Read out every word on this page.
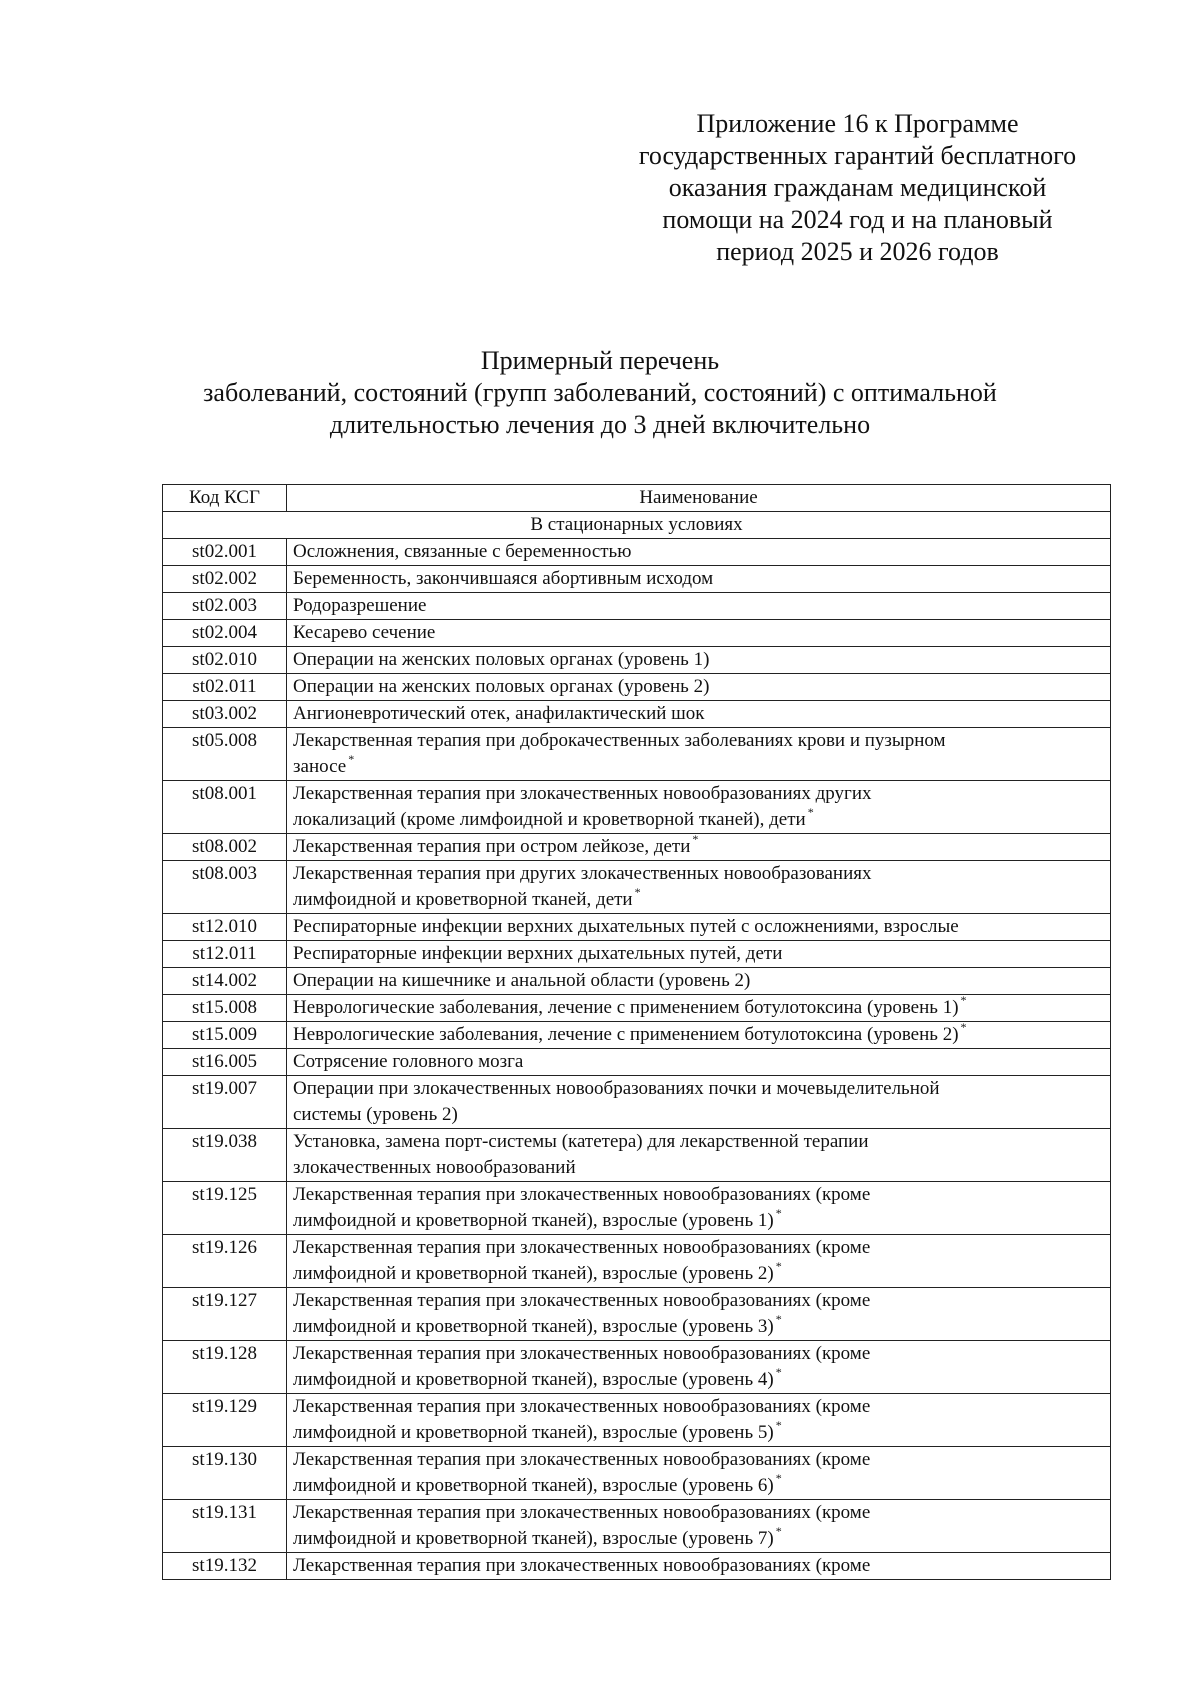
Приложение 16 к Программе
государственных гарантий бесплатного
оказания гражданам медицинской
помощи на 2024 год и на плановый
период 2025 и 2026 годов
Примерный перечень
заболеваний, состояний (групп заболеваний, состояний) с оптимальной
длительностью лечения до 3 дней включительно
Код КСГ	Наименование
В стационарных условиях	
st02.001	Осложнения, связанные с беременностью

st02.002	Беременность, закончившаяся абортивным исходом

st02.003	Родоразрешение

st02.004	Кесарево сечение

st02.010	Операции на женских половых органах (уровень 1)

st02.011	Операции на женских половых органах (уровень 2)

st03.002	Ангионевротический отек, анафилактический шок

st05.008	Лекарственная терапия при доброкачественных заболеваниях крови и пузырном
заносе *

st08.001	Лекарственная терапия при злокачественных новообразованиях других
локализаций (кроме лимфоидной и кроветворной тканей), дети *

st08.002	Лекарственная терапия при остром лейкозе, дети *

st08.003	Лекарственная терапия при других злокачественных новообразованиях
лимфоидной и кроветворной тканей, дети *

st12.010	Респираторные инфекции верхних дыхательных путей с осложнениями, взрослые

st12.011	Респираторные инфекции верхних дыхательных путей, дети

st14.002	Операции на кишечнике и анальной области (уровень 2)

st15.008	Неврологические заболевания, лечение с применением ботулотоксина (уровень 1) *

st15.009	Неврологические заболевания, лечение с применением ботулотоксина (уровень 2) *

st16.005	Сотрясение головного мозга

st19.007	Операции при злокачественных новообразованиях почки и мочевыделительной
системы (уровень 2)

st19.038	Установка, замена порт-системы (катетера) для лекарственной терапии
злокачественных новообразований

st19.125	Лекарственная терапия при злокачественных новообразованиях (кроме
лимфоидной и кроветворной тканей), взрослые (уровень 1) *

st19.126	Лекарственная терапия при злокачественных новообразованиях (кроме
лимфоидной и кроветворной тканей), взрослые (уровень 2) *

st19.127	Лекарственная терапия при злокачественных новообразованиях (кроме
лимфоидной и кроветворной тканей), взрослые (уровень 3) *

st19.128	Лекарственная терапия при злокачественных новообразованиях (кроме
лимфоидной и кроветворной тканей), взрослые (уровень 4) *

st19.129	Лекарственная терапия при злокачественных новообразованиях (кроме
лимфоидной и кроветворной тканей), взрослые (уровень 5) *

st19.130	Лекарственная терапия при злокачественных новообразованиях (кроме
лимфоидной и кроветворной тканей), взрослые (уровень 6) *

st19.131	Лекарственная терапия при злокачественных новообразованиях (кроме
лимфоидной и кроветворной тканей), взрослые (уровень 7) *

st19.132	Лекарственная терапия при злокачественных новообразованиях (кроме
